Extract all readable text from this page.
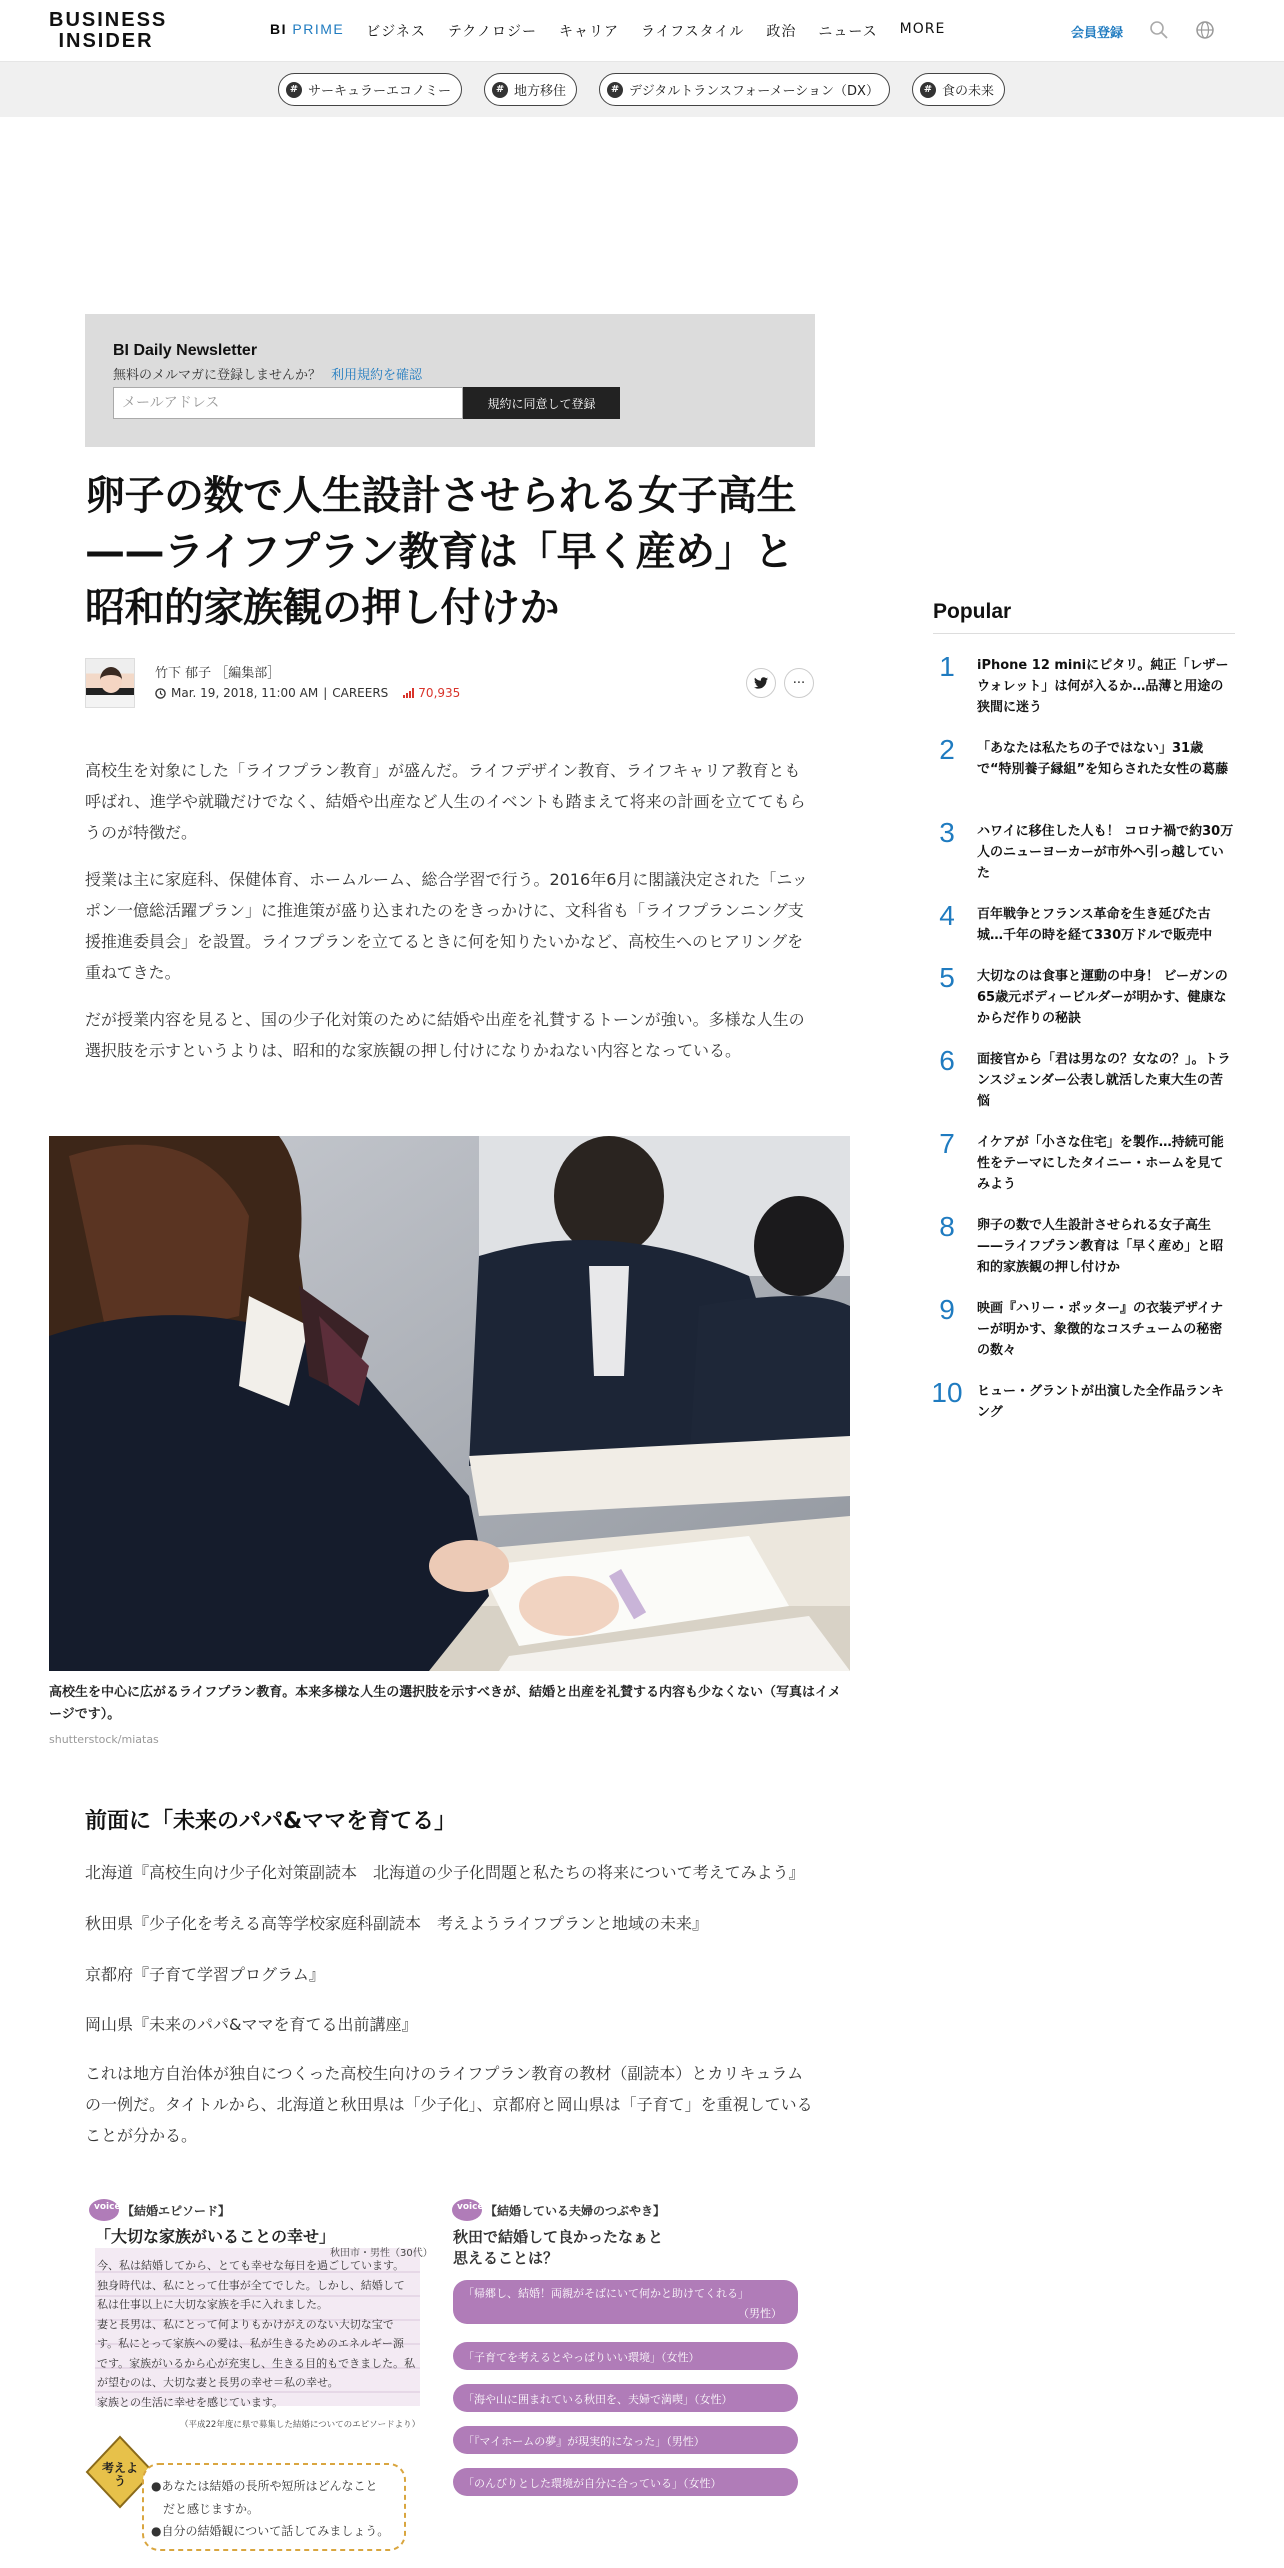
BUSINESS
INSIDER
BI PRIME ビジネス テクノロジー キャリア ライフスタイル 政治 ニュース MORE	会員登録
# サーキュラーエコノミー	# 地方移住	# デジタルトランスフォーメーション（DX）	# 食の未来
BI Daily Newsletter
無料のメルマガに登録しませんか？ 利用規約を確認
メールアドレス
規約に同意して登録
卵子の数で人生設計させられる女子高生——ライフプラン教育は「早く産め」と昭和的家族観の押し付けか
竹下 郁子 ［編集部］
Mar. 19, 2018, 11:00 AM | CAREERS	70,935
···

高校生を対象にした「ライフプラン教育」が盛んだ。ライフデザイン教育、ライフキャリア教育とも呼ばれ、進学や就職だけでなく、結婚や出産など人生のイベントも踏まえて将来の計画を立ててもらうのが特徴だ。

授業は主に家庭科、保健体育、ホームルーム、総合学習で行う。2016年6月に閣議決定された「ニッポン一億総活躍プラン」に推進策が盛り込まれたのをきっかけに、文科省も「ライフプランニング支援推進委員会」を設置。ライフプランを立てるときに何を知りたいかなど、高校生へのヒアリングを重ねてきた。

だが授業内容を見ると、国の少子化対策のために結婚や出産を礼賛するトーンが強い。多様な人生の選択肢を示すというよりは、昭和的な家族観の押し付けになりかねない内容となっている。

高校生を中心に広がるライフプラン教育。本来多様な人生の選択肢を示すべきが、結婚と出産を礼賛する内容も少なくない（写真はイメージです）。

shutterstock/miatas
前面に「未来のパパ&ママを育てる」
北海道『高校生向け少子化対策副読本　北海道の少子化問題と私たちの将来について考えてみよう』
秋田県『少子化を考える高等学校家庭科副読本　考えようライフプランと地域の未来』
京都府『子育て学習プログラム』
岡山県『未来のパパ&ママを育てる出前講座』

これは地方自治体が独自につくった高校生向けのライフプラン教育の教材（副読本）とカリキュラムの一例だ。タイトルから、北海道と秋田県は「少子化」、京都府と岡山県は「子育て」を重視していることが分かる。

voice 【結婚エピソード】
「大切な家族がいることの幸せ」
秋田市・男性（30代）
今、私は結婚してから、とても幸せな毎日を過ごしています。
独身時代は、私にとって仕事が全てでした。しかし、結婚して
私は仕事以上に大切な家族を手に入れました。
妻と長男は、私にとって何よりもかけがえのない大切な宝で
す。私にとって家族への愛は、私が生きるためのエネルギー源
です。家族がいるから心が充実し、生きる目的もできました。私
が望むのは、大切な妻と長男の幸せ＝私の幸せ。
家族との生活に幸せを感じています。
（平成22年度に県で募集した結婚についてのエピソードより）
考えよう	●あなたは結婚の長所や短所はどんなこと
だと感じますか。
●自分の結婚観について話してみましょう。
voice 【結婚している夫婦のつぶやき】
秋田で結婚して良かったなぁと
思えることは？
「帰郷し、結婚！両親がそばにいて何かと助けてくれる」
（男性）
「子育てを考えるとやっぱりいい環境」（女性）
「海や山に囲まれている秋田を、夫婦で満喫」（女性）
「『マイホームの夢』が現実的になった」（男性）
「のんびりとした環境が自分に合っている」（女性）
Popular
1	iPhone 12 miniにピタリ。純正「レザーウォレット」は何が入るか…品薄と用途の狭間に迷う
2	「あなたは私たちの子ではない」31歳で“特別養子縁組”を知らされた女性の葛藤
3	ハワイに移住した人も！ コロナ禍で約30万人のニューヨーカーが市外へ引っ越していた
4	百年戦争とフランス革命を生き延びた古城…千年の時を経て330万ドルで販売中
5	大切なのは食事と運動の中身！ ビーガンの65歳元ボディービルダーが明かす、健康なからだ作りの秘訣
6	面接官から「君は男なの？女なの？」。トランスジェンダー公表し就活した東大生の苦悩
7	イケアが「小さな住宅」を製作…持続可能性をテーマにしたタイニー・ホームを見てみよう
8	卵子の数で人生設計させられる女子高生——ライフプラン教育は「早く産め」と昭和的家族観の押し付けか
9	映画『ハリー・ポッター』の衣装デザイナーが明かす、象徴的なコスチュームの秘密の数々
10	ヒュー・グラントが出演した全作品ランキング
